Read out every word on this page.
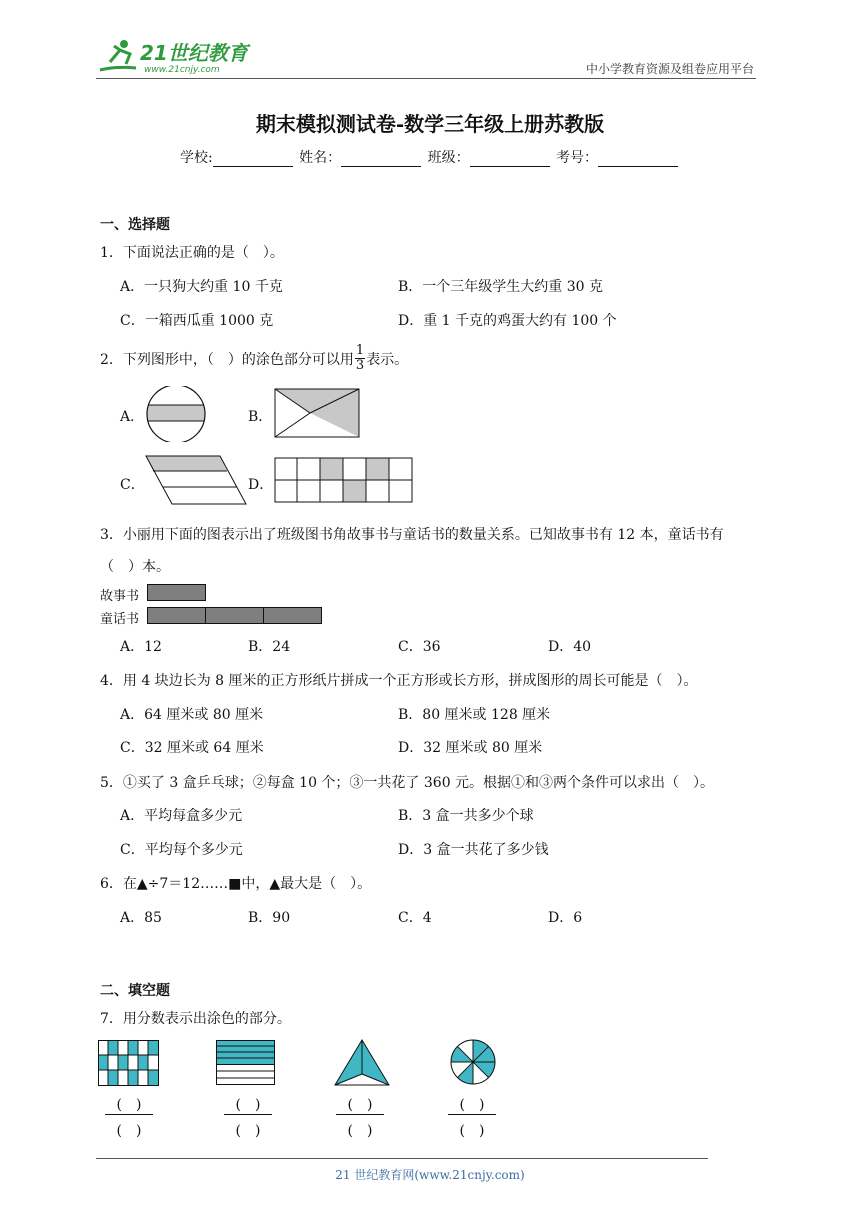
21世纪教育
www.21cnjy.com	中小学教育资源及组卷应用平台
期末模拟测试卷-数学三年级上册苏教版
学校:	姓名：	班级：	考号：
一、选择题
1．下面说法正确的是（　）。
A．一只狗大约重 10 千克	B．一个三年级学生大约重 30 克
C．一箱西瓜重 1000 克	D．重 1 千克的鸡蛋大约有 100 个
2．下列图形中，（　）的涂色部分可以用 $\frac{1}{3}$ 表示。
A．	B．
C．	D．
3．小丽用下面的图表示出了班级图书角故事书与童话书的数量关系。已知故事书有 12 本，童话书有
（　）本。
故事书
童话书
A．12	B．24	C．36	D．40
4．用 4 块边长为 8 厘米的正方形纸片拼成一个正方形或长方形，拼成图形的周长可能是（　）。
A．64 厘米或 80 厘米	B．80 厘米或 128 厘米
C．32 厘米或 64 厘米	D．32 厘米或 80 厘米
5．①买了 3 盒乒乓球；②每盒 10 个；③一共花了 360 元。根据①和③两个条件可以求出（　）。
A．平均每盒多少元	B．3 盒一共多少个球
C．平均每个多少元	D．3 盒一共花了多少钱
6．在▲÷7＝12……■中，▲最大是（　）。
A．85	B．90	C．4	D．6
二、填空题
7．用分数表示出涂色的部分。
(　)
(　)
(　)
(　)
(　)
(　)
(　)
(　)
21 世纪教育网(www.21cnjy.com)
